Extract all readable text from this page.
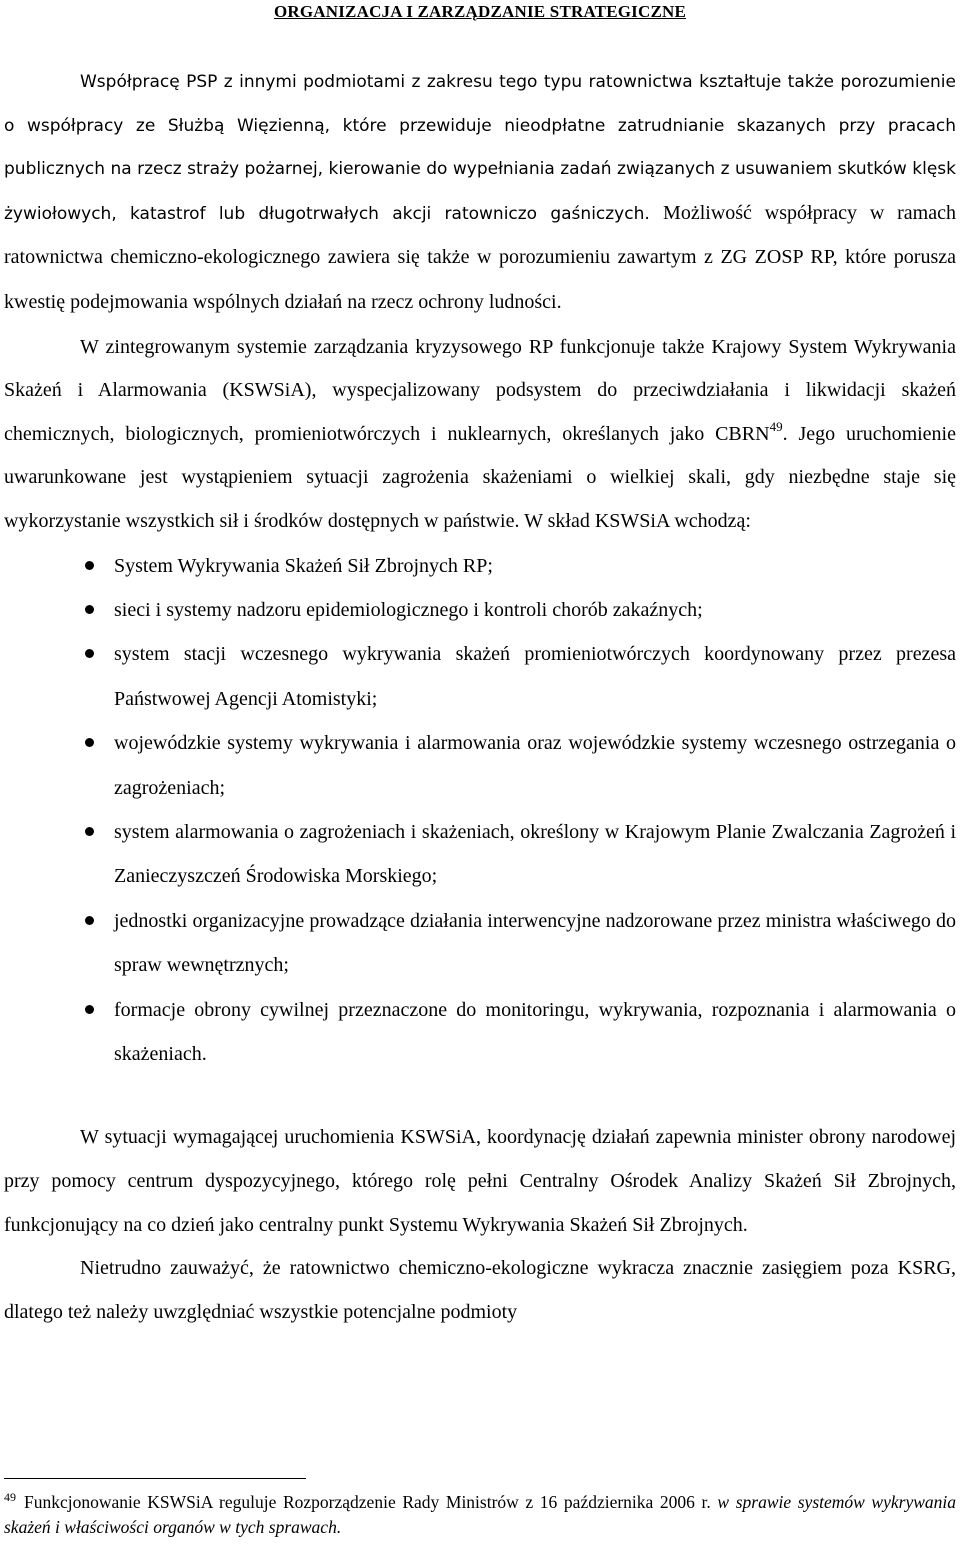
ORGANIZACJA I ZARZĄDZANIE STRATEGICZNE

Współpracę PSP z innymi podmiotami z zakresu tego typu ratownictwa kształtuje także porozumienie o współpracy ze Służbą Więzienną, które przewiduje nieodpłatne zatrudnianie skazanych przy pracach publicznych na rzecz straży pożarnej, kierowanie do wypełniania zadań związanych z usuwaniem skutków klęsk żywiołowych, katastrof lub długotrwałych akcji ratowniczo gaśniczych. Możliwość współpracy w ramach ratownictwa chemiczno-ekologicznego zawiera się także w porozumieniu zawartym z ZG ZOSP RP, które porusza kwestię podejmowania wspólnych działań na rzecz ochrony ludności.

W zintegrowanym systemie zarządzania kryzysowego RP funkcjonuje także Krajowy System Wykrywania Skażeń i Alarmowania (KSWSiA), wyspecjalizowany podsystem do przeciwdziałania i likwidacji skażeń chemicznych, biologicznych, promieniotwórczych i nuklearnych, określanych jako CBRN$^{49}$. Jego uruchomienie uwarunkowane jest wystąpieniem sytuacji zagrożenia skażeniami o wielkiej skali, gdy niezbędne staje się wykorzystanie wszystkich sił i środków dostępnych w państwie. W skład KSWSiA wchodzą:

System Wykrywania Skażeń Sił Zbrojnych RP;
sieci i systemy nadzoru epidemiologicznego i kontroli chorób zakaźnych;
system stacji wczesnego wykrywania skażeń promieniotwórczych koordynowany przez prezesa Państwowej Agencji Atomistyki;
wojewódzkie systemy wykrywania i alarmowania oraz wojewódzkie systemy wczesnego ostrzegania o zagrożeniach;
system alarmowania o zagrożeniach i skażeniach, określony w Krajowym Planie Zwalczania Zagrożeń i Zanieczyszczeń Środowiska Morskiego;
jednostki organizacyjne prowadzące działania interwencyjne nadzorowane przez ministra właściwego do spraw wewnętrznych;
formacje obrony cywilnej przeznaczone do monitoringu, wykrywania, rozpoznania i alarmowania o skażeniach.

W sytuacji wymagającej uruchomienia KSWSiA, koordynację działań zapewnia minister obrony narodowej przy pomocy centrum dyspozycyjnego, którego rolę pełni Centralny Ośrodek Analizy Skażeń Sił Zbrojnych, funkcjonujący na co dzień jako centralny punkt Systemu Wykrywania Skażeń Sił Zbrojnych.

Nietrudno zauważyć, że ratownictwo chemiczno-ekologiczne wykracza znacznie zasięgiem poza KSRG, dlatego też należy uwzględniać wszystkie potencjalne podmioty

$^{49}$ Funkcjonowanie KSWSiA reguluje Rozporządzenie Rady Ministrów z 16 października 2006 r. w sprawie systemów wykrywania skażeń i właściwości organów w tych sprawach.
